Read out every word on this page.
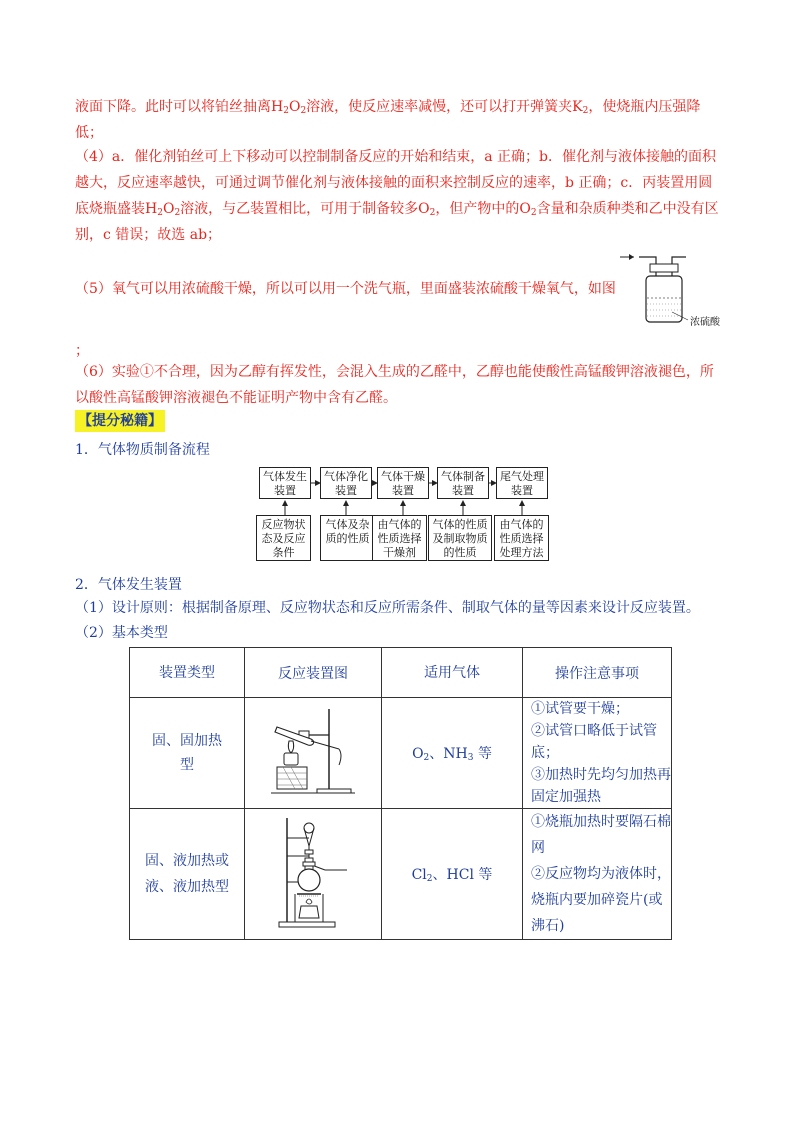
液面下降。此时可以将铂丝抽离$H_2O_2$溶液，使反应速率减慢，还可以打开弹簧夹$K_2$，使烧瓶内压强降
低；
（4）a．催化剂铂丝可上下移动可以控制制备反应的开始和结束，a 正确；b．催化剂与液体接触的面积越大，反应速率越快，可通过调节催化剂与液体接触的面积来控制反应的速率，b 正确；c．丙装置用圆底烧瓶盛装$H_2O_2$溶液，与乙装置相比，可用于制备较多$O_2$，但产物中的$O_2$含量和杂质种类和乙中没有区别，c 错误；故选 ab；
（5）氧气可以用浓硫酸干燥，所以可以用一个洗气瓶，里面盛装浓硫酸干燥氧气，如图
浓硫酸
；
（6）实验①不合理，因为乙醇有挥发性，会混入生成的乙醛中，乙醇也能使酸性高锰酸钾溶液褪色，所以酸性高锰酸钾溶液褪色不能证明产物中含有乙醛。
【提分秘籍】
1．气体物质制备流程
气体发生装置
气体净化装置
气体干燥装置
气体制备装置
尾气处理装置
反应物状态及反应条件
气体及杂质的性质
由气体的性质选择干燥剂
气体的性质及制取物质的性质
由气体的性质选择处理方法
2．气体发生装置
（1）设计原则：根据制备原理、反应物状态和反应所需条件、制取气体的量等因素来设计反应装置。
（2）基本类型
装置类型	反应装置图	适用气体	操作注意事项
固、固加热型		$O_2$、$NH_3$ 等	①试管要干燥；
②试管口略低于试管底；
③加热时先均匀加热再固定加强热

固、液加热或液、液加热型		$Cl_2$、HCl 等	①烧瓶加热时要隔石棉网
②反应物均为液体时，烧瓶内要加碎瓷片(或沸石)
